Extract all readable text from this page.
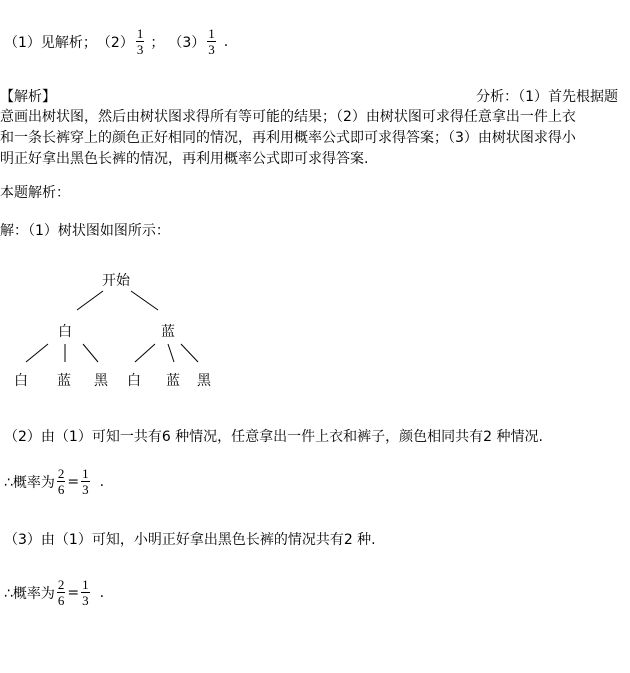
（1）见解析； $(2) \frac{1}{3}$ ； $(3) \frac{1}{3}$ .
【解析】	分析：（1）首先根据题
意画出树状图，然后由树状图求得所有等可能的结果；（2）由树状图可求得任意拿出一件上衣
和一条长裤穿上的颜色正好相同的情况，再利用概率公式即可求得答案；（3）由树状图求得小
明正好拿出黑色长裤的情况，再利用概率公式即可求得答案.
本题解析：
解：（1）树状图如图所示：
开始
白	蓝
白 蓝 黑 白 蓝 黑
（2）由（1）可知一共有6 种情况，任意拿出一件上衣和裤子，颜色相同共有2 种情况.
∴概率为 $\frac{2}{6} = \frac{1}{3}$ .
（3）由（1）可知，小明正好拿出黑色长裤的情况共有2 种.
∴概率为 $\frac{2}{6} = \frac{1}{3}$ .
